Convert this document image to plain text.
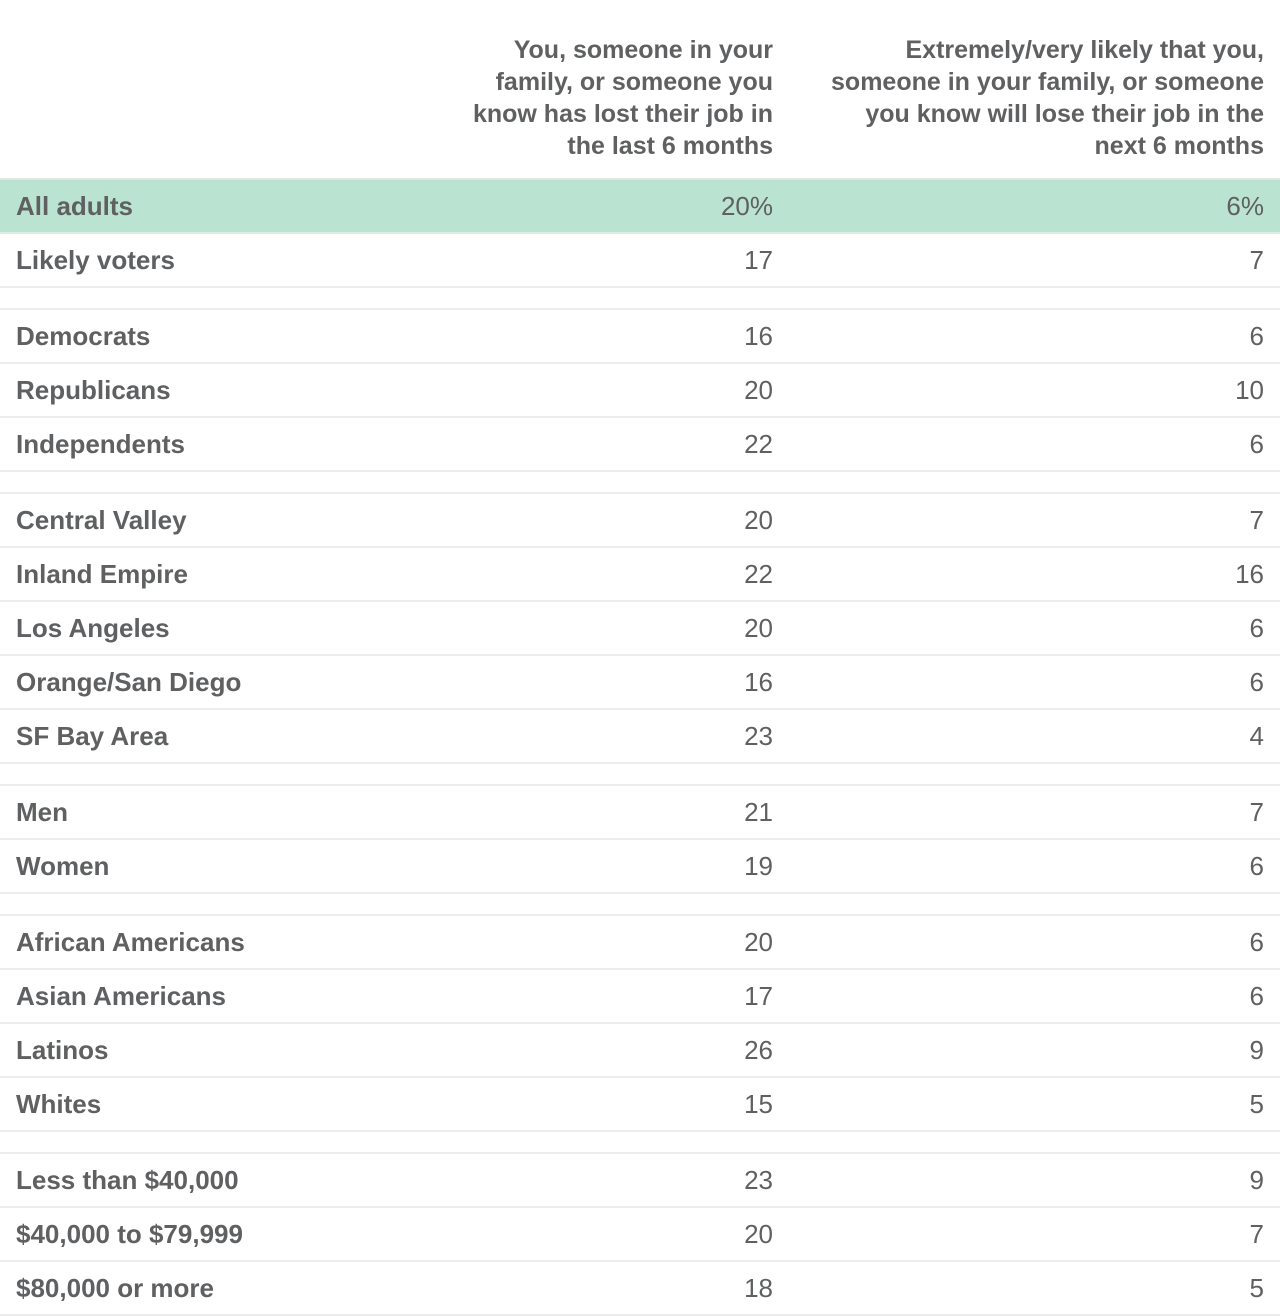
You, someone in your family, or someone you know has lost their job in the last 6 months
Extremely/very likely that you, someone in your family, or someone you know will lose their job in the next 6 months
All adults	20%	6%
Likely voters	17	7
Democrats	16	6
Republicans	20	10
Independents	22	6
Central Valley	20	7
Inland Empire	22	16
Los Angeles	20	6
Orange/San Diego	16	6
SF Bay Area	23	4
Men	21	7
Women	19	6
African Americans	20	6
Asian Americans	17	6
Latinos	26	9
Whites	15	5
Less than $40,000	23	9
$40,000 to $79,999	20	7
$80,000 or more	18	5
